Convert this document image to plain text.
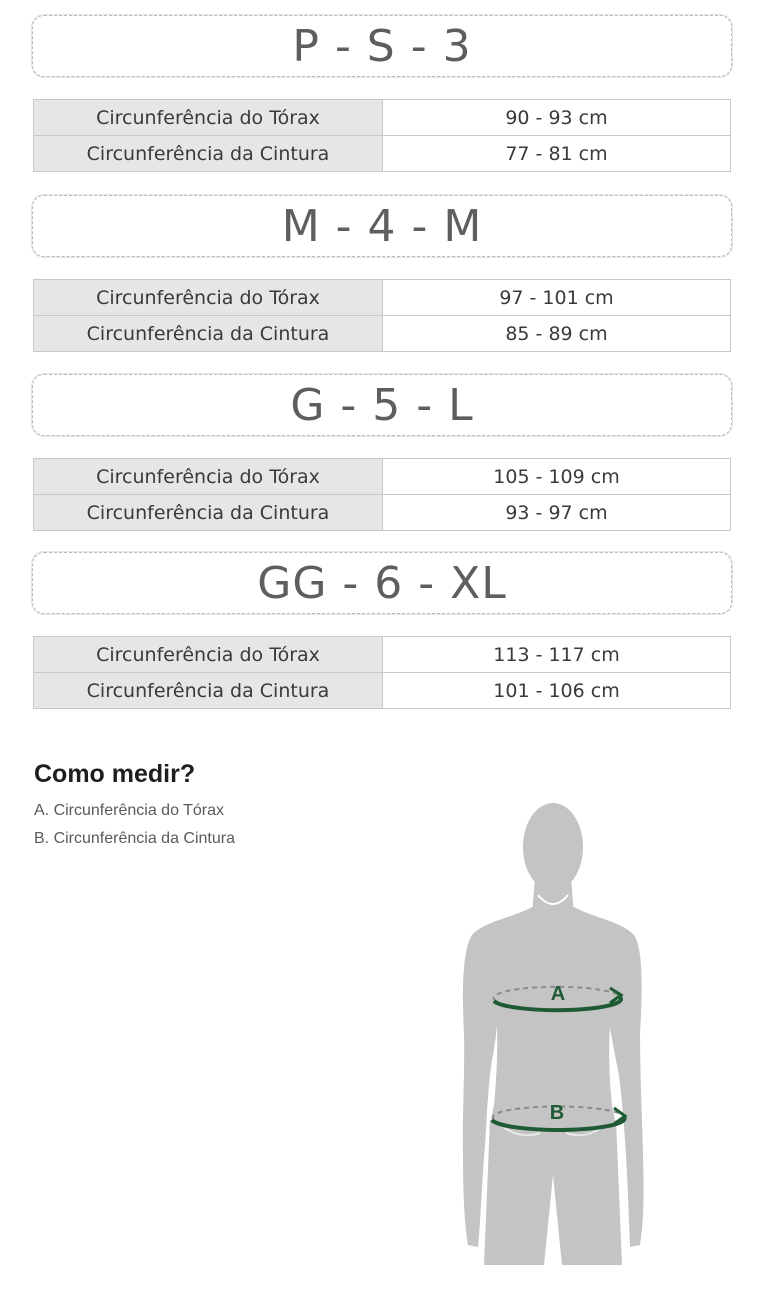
P - S - 3
Circunferência do Tórax	90 - 93 cm
Circunferência da Cintura	77 - 81 cm
M - 4 - M
Circunferência do Tórax	97 - 101 cm
Circunferência da Cintura	85 - 89 cm
G - 5 - L
Circunferência do Tórax	105 - 109 cm
Circunferência da Cintura	93 - 97 cm
GG - 6 - XL
Circunferência do Tórax	113 - 117 cm
Circunferência da Cintura	101 - 106 cm
Como medir?
A. Circunferência do Tórax
B. Circunferência da Cintura
A
B
